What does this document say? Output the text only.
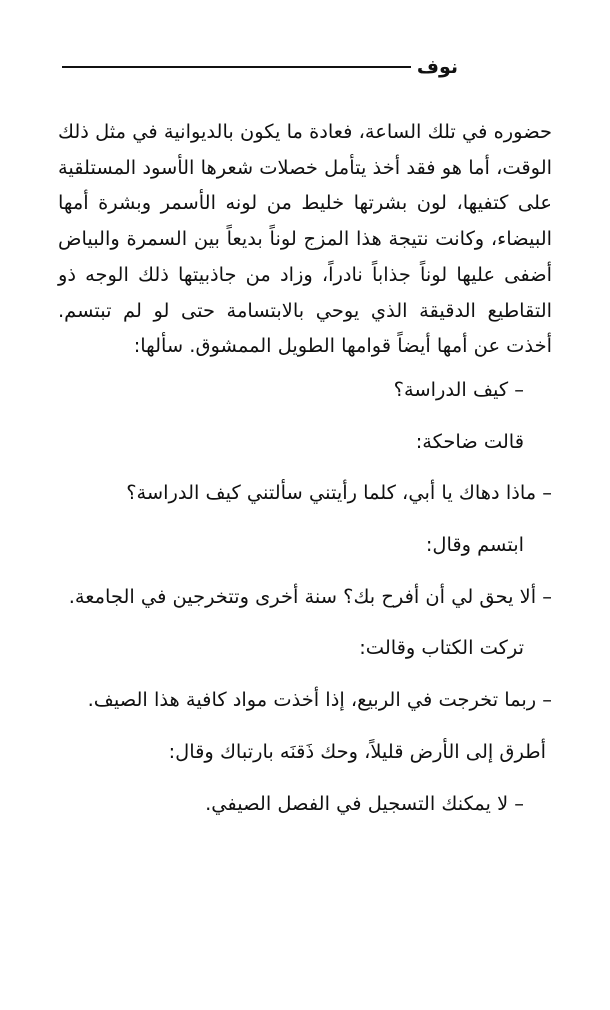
نوف

حضوره في تلك الساعة، فعادة ما يكون بالديوانية في مثل ذلك الوقت، أما هو فقد أخذ يتأمل خصلات شعرها الأسود المستلقية على كتفيها، لون بشرتها خليط من لونه الأسمر وبشرة أمها البيضاء، وكانت نتيجة هذا المزج لوناً بديعاً بين السمرة والبياض أضفى عليها لوناً جذاباً نادراً، وزاد من جاذبيتها ذلك الوجه ذو التقاطيع الدقيقة الذي يوحي بالابتسامة حتى لو لم تبتسم. أخذت عن أمها أيضاً قوامها الطويل الممشوق. سألها:

– كيف الدراسة؟

قالت ضاحكة:

– ماذا دهاك يا أبي، كلما رأيتني سألتني كيف الدراسة؟

ابتسم وقال:

– ألا يحق لي أن أفرح بك؟ سنة أخرى وتتخرجين في الجامعة.

تركت الكتاب وقالت:

– ربما تخرجت في الربيع، إذا أخذت مواد كافية هذا الصيف.

أطرق إلى الأرض قليلاً، وحك ذَقنَه بارتباك وقال:

– لا يمكنك التسجيل في الفصل الصيفي.
